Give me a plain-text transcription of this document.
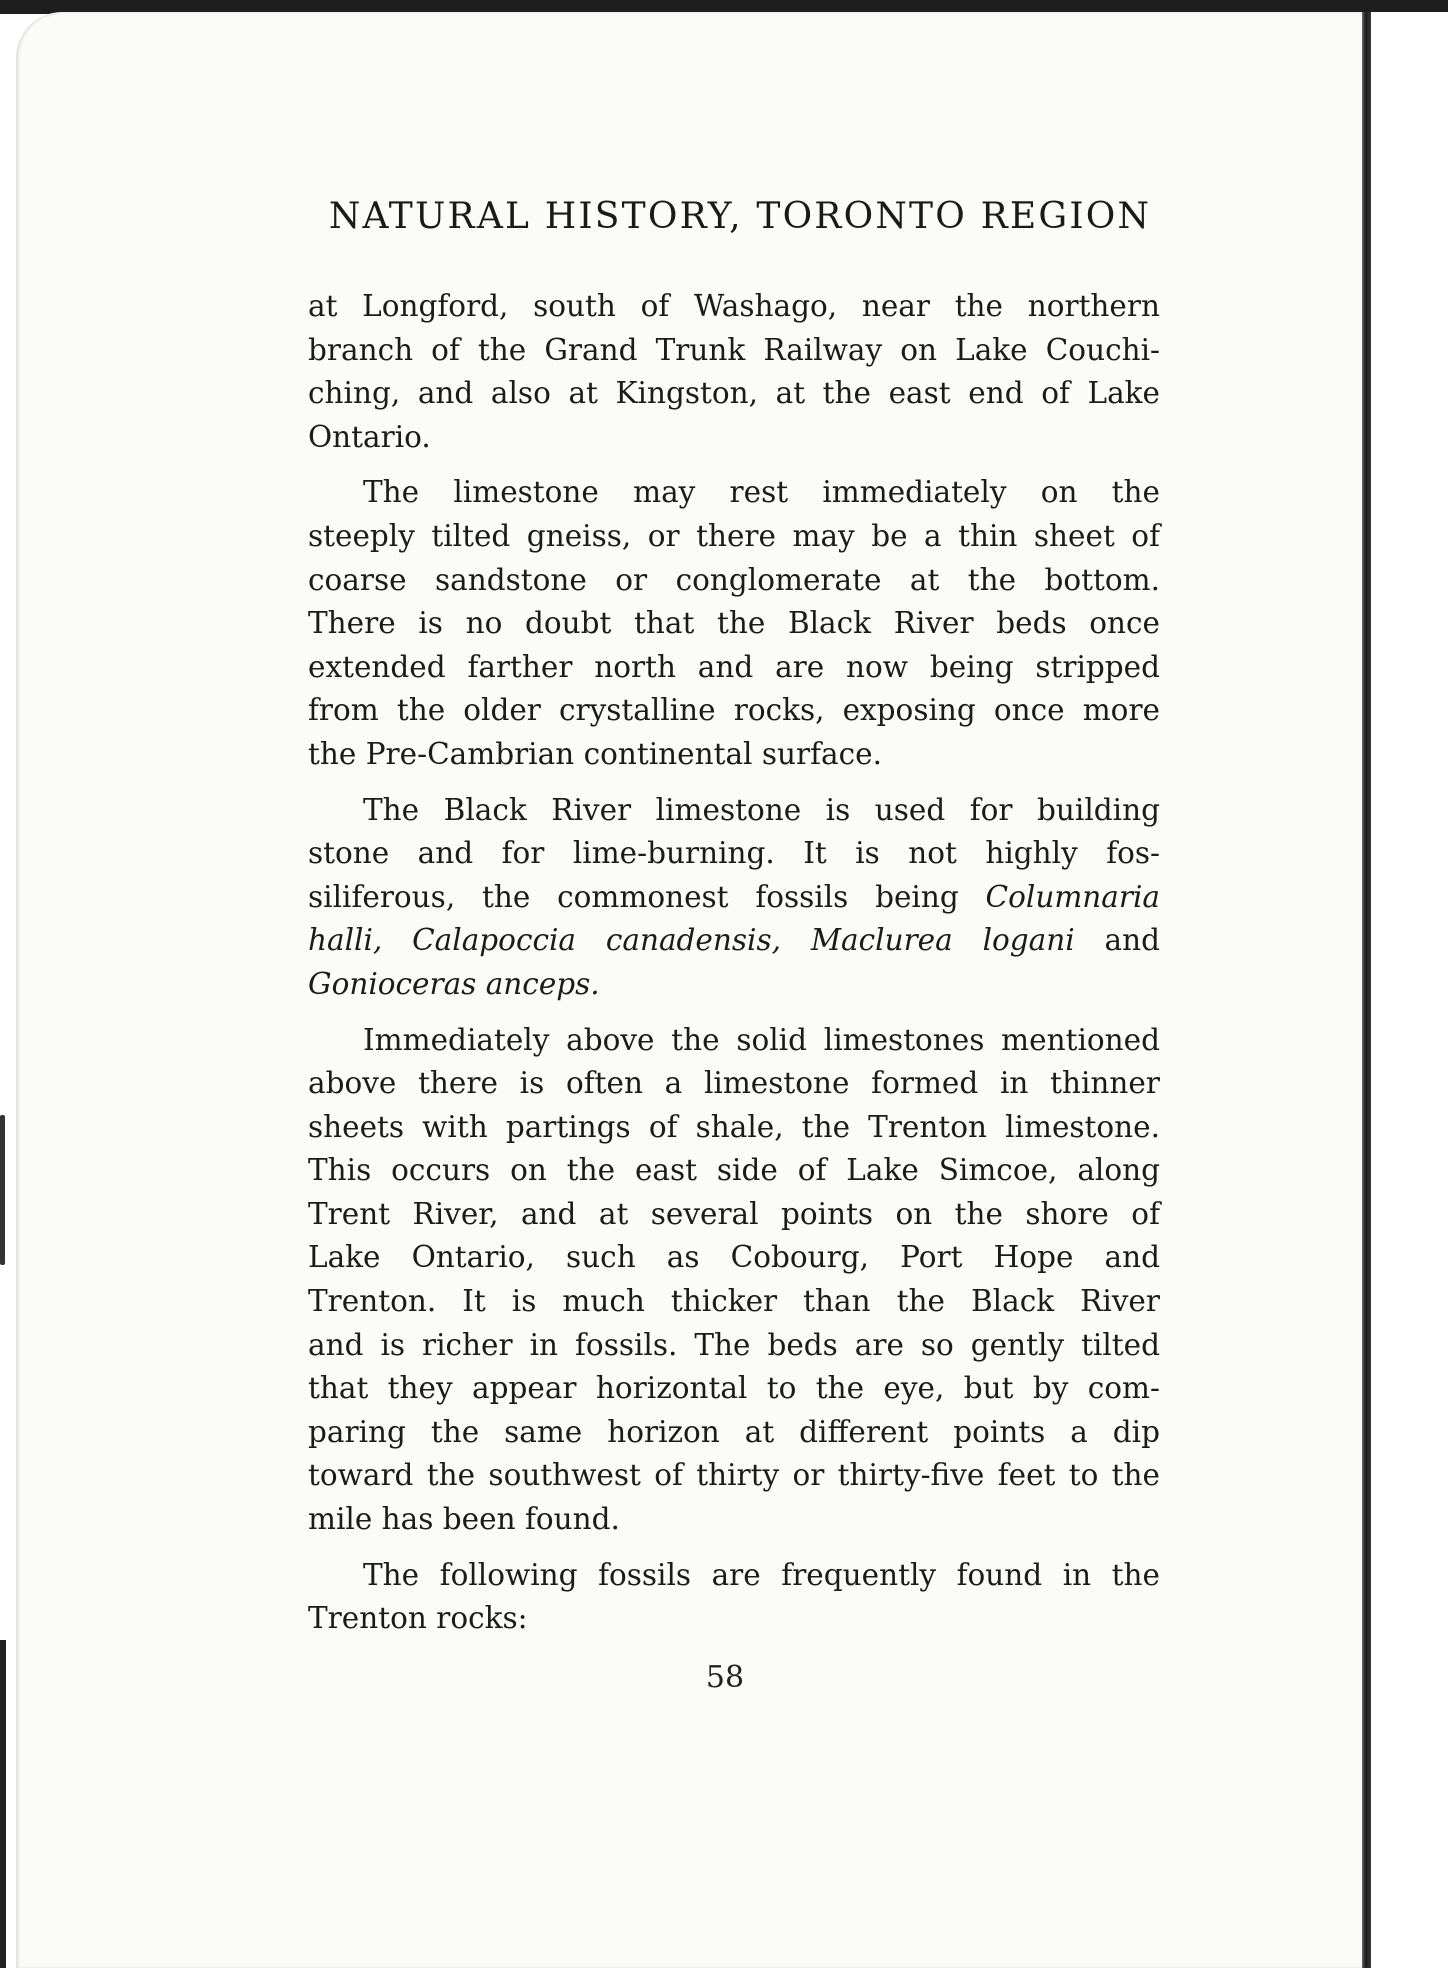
NATURAL HISTORY, TORONTO REGION
at Longford, south of Washago, near the northern
branch of the Grand Trunk Railway on Lake Couchi-
ching, and also at Kingston, at the east end of Lake
Ontario.
The limestone may rest immediately on the
steeply tilted gneiss, or there may be a thin sheet of
coarse sandstone or conglomerate at the bottom.
There is no doubt that the Black River beds once
extended farther north and are now being stripped
from the older crystalline rocks, exposing once more
the Pre-Cambrian continental surface.
The Black River limestone is used for building
stone and for lime-burning. It is not highly fos-
siliferous, the commonest fossils being Columnaria
halli, Calapoccia canadensis, Maclurea logani and
Gonioceras anceps.
Immediately above the solid limestones mentioned
above there is often a limestone formed in thinner
sheets with partings of shale, the Trenton limestone.
This occurs on the east side of Lake Simcoe, along
Trent River, and at several points on the shore of
Lake Ontario, such as Cobourg, Port Hope and
Trenton. It is much thicker than the Black River
and is richer in fossils. The beds are so gently tilted
that they appear horizontal to the eye, but by com-
paring the same horizon at different points a dip
toward the southwest of thirty or thirty-five feet to the
mile has been found.
The following fossils are frequently found in the
Trenton rocks:
58
